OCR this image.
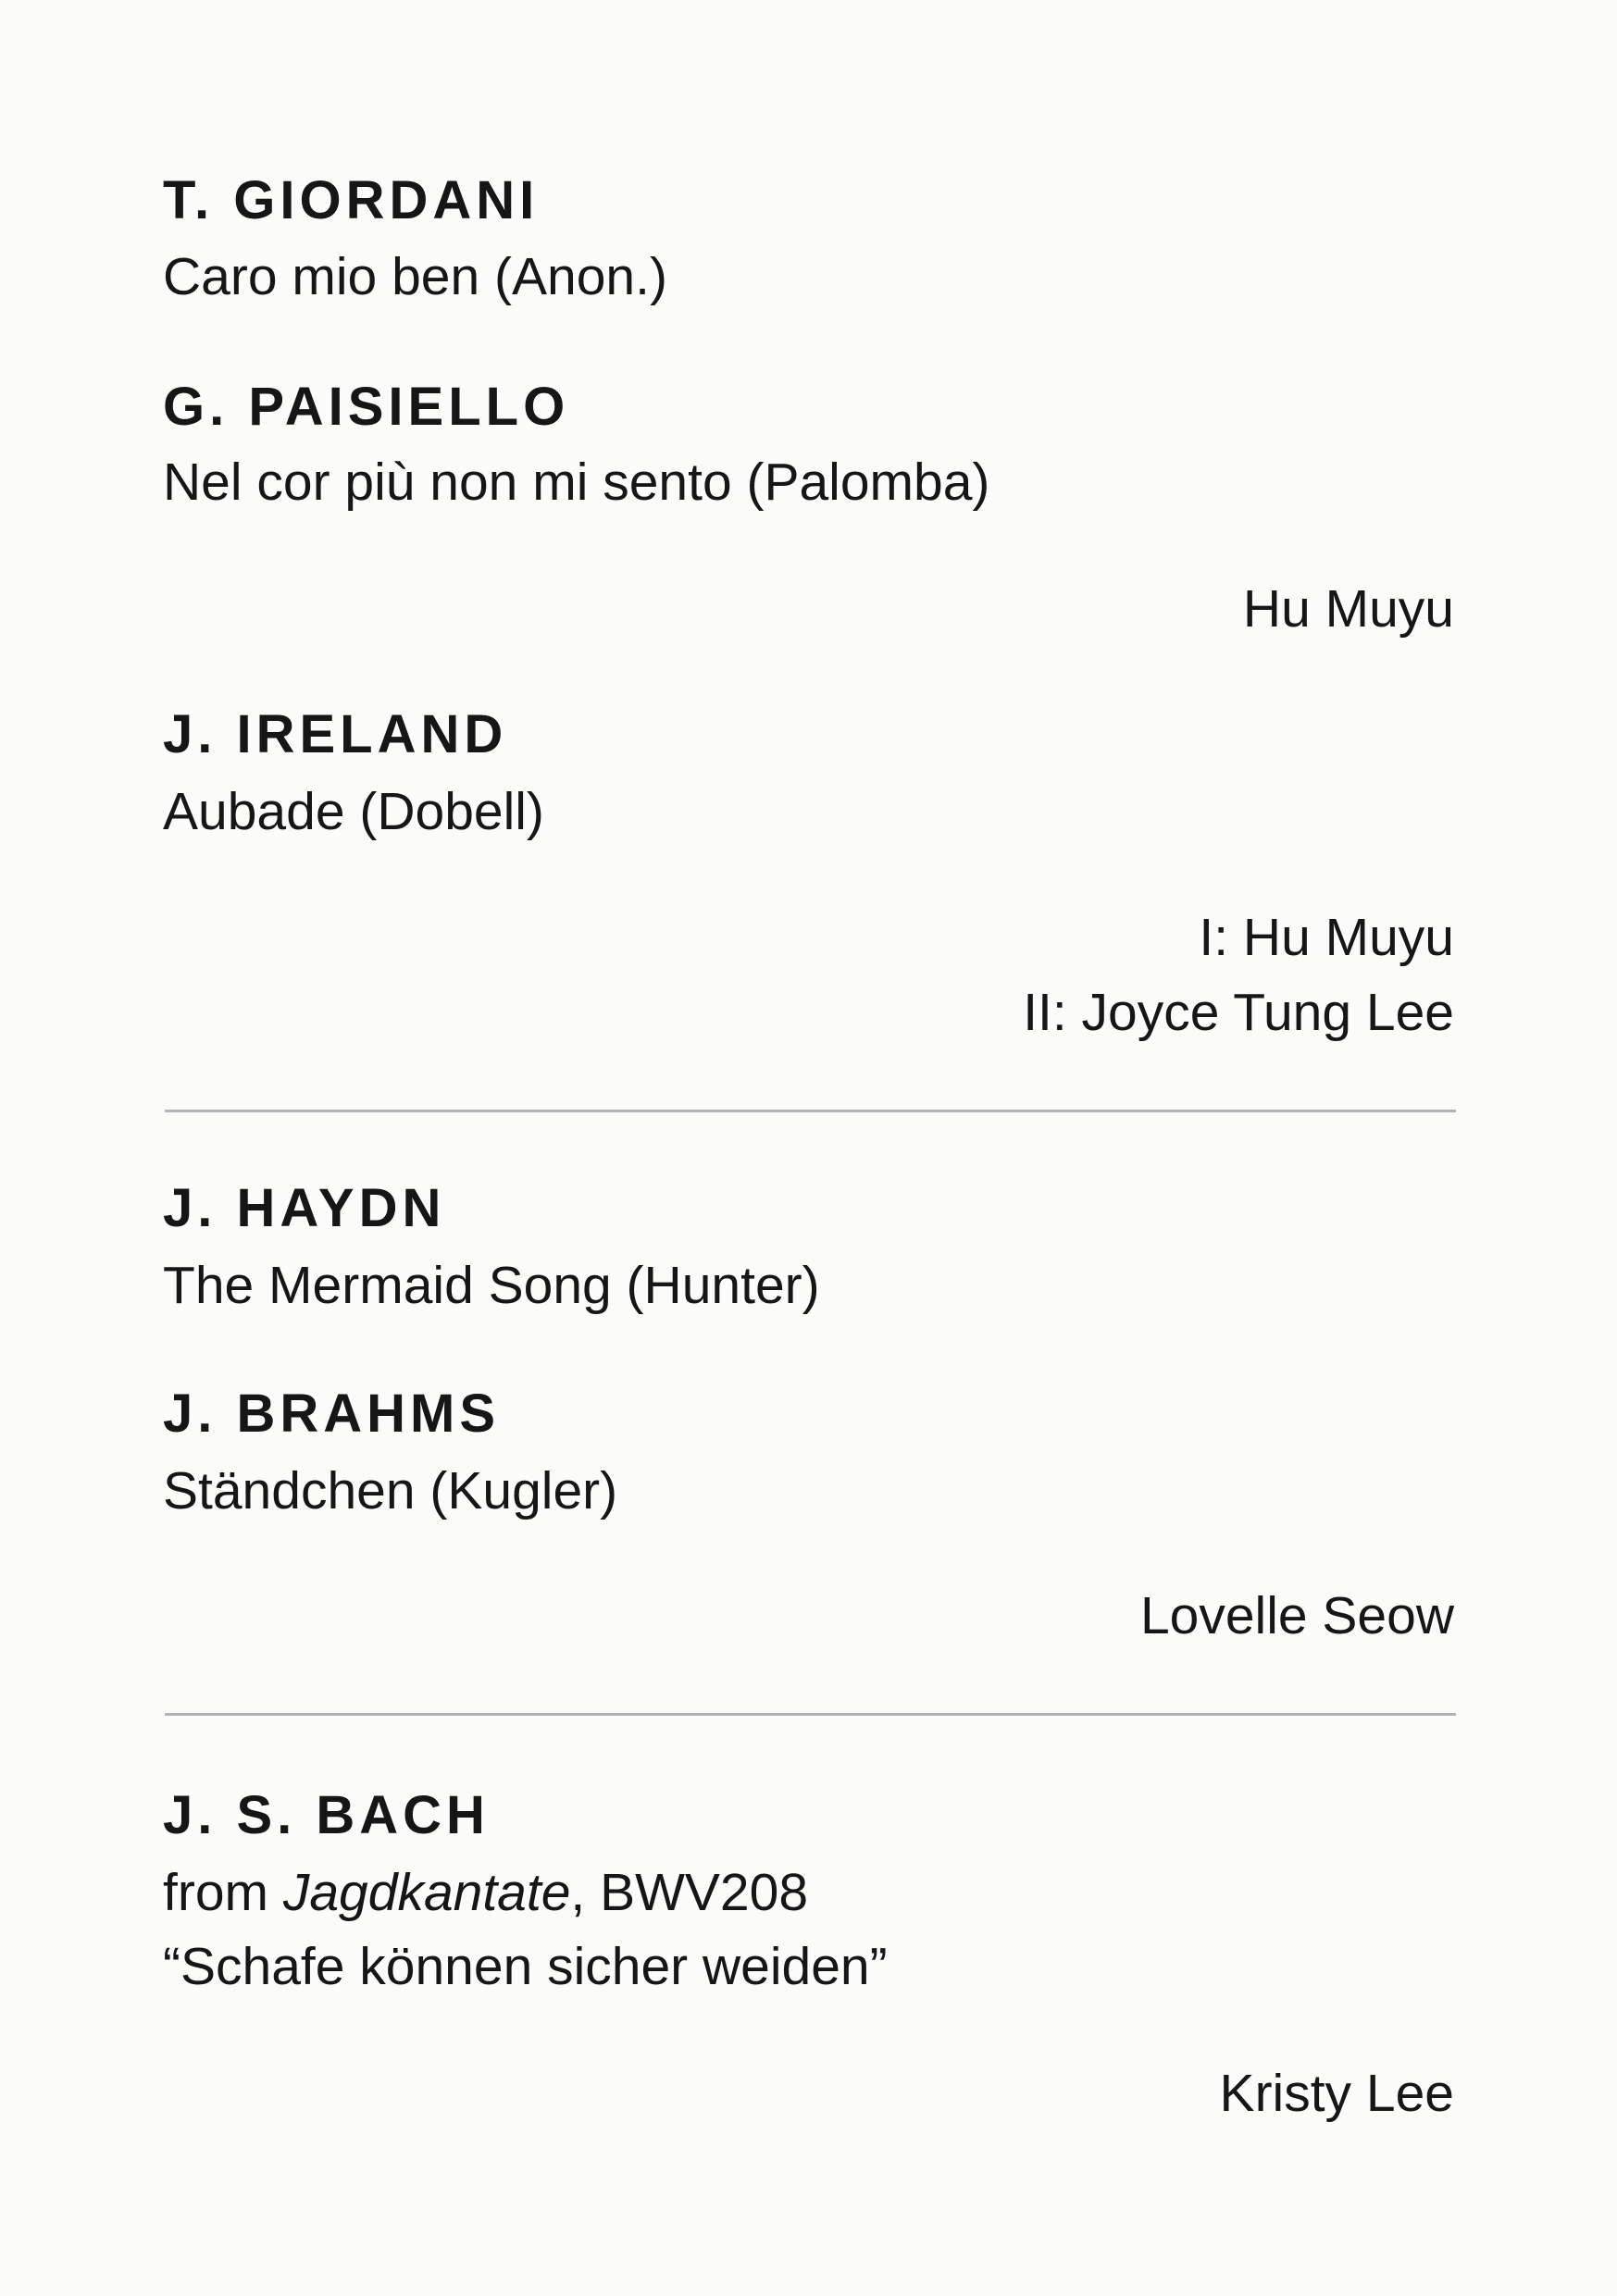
T. GIORDANI

Caro mio ben (Anon.)

G. PAISIELLO

Nel cor più non mi sento (Palomba)

Hu Muyu

J. IRELAND

Aubade (Dobell)

I: Hu Muyu

II: Joyce Tung Lee

J. HAYDN

The Mermaid Song (Hunter)

J. BRAHMS

Ständchen (Kugler)

Lovelle Seow

J. S. BACH

from Jagdkantate, BWV208

“Schafe können sicher weiden”

Kristy Lee
